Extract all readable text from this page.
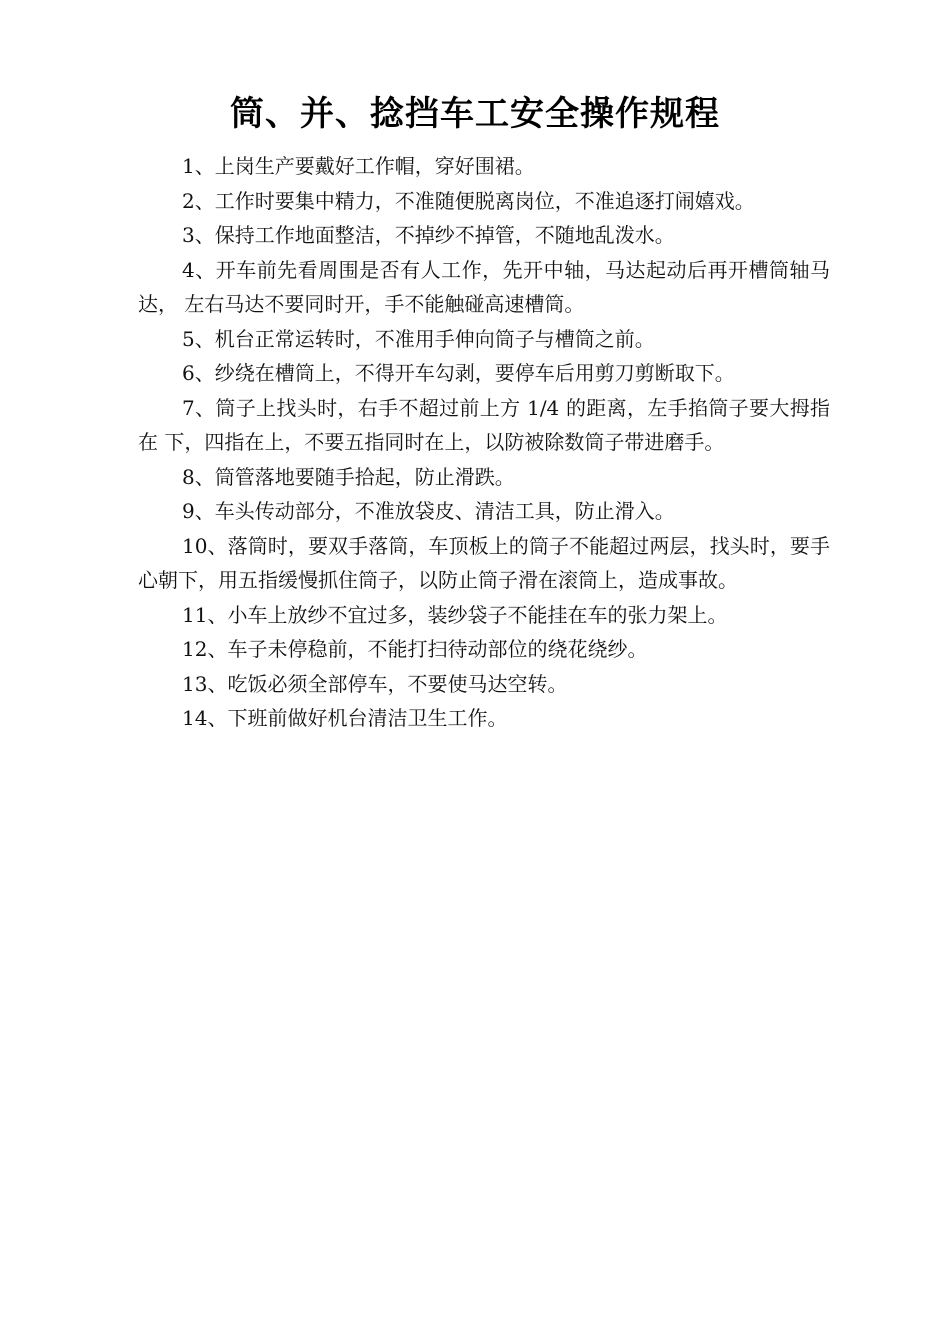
筒、并、捻挡车工安全操作规程

1、上岗生产要戴好工作帽，穿好围裙。

2、工作时要集中精力，不准随便脱离岗位，不准追逐打闹嬉戏。

3、保持工作地面整洁，不掉纱不掉管，不随地乱泼水。

4、开车前先看周围是否有人工作，先开中轴，马达起动后再开槽筒轴马达， 左右马达不要同时开，手不能触碰高速槽筒。

5、机台正常运转时，不准用手伸向筒子与槽筒之前。

6、纱绕在槽筒上，不得开车勾剥，要停车后用剪刀剪断取下。

7、筒子上找头时，右手不超过前上方 1/4 的距离，左手掐筒子要大拇指在 下，四指在上，不要五指同时在上，以防被除数筒子带进磨手。

8、筒管落地要随手拾起，防止滑跌。

9、车头传动部分，不准放袋皮、清洁工具，防止滑入。

10、落筒时，要双手落筒，车顶板上的筒子不能超过两层，找头时，要手心朝下，用五指缓慢抓住筒子，以防止筒子滑在滚筒上，造成事故。

11、小车上放纱不宜过多，装纱袋子不能挂在车的张力架上。

12、车子未停稳前，不能打扫待动部位的绕花绕纱。

13、吃饭必须全部停车，不要使马达空转。

14、下班前做好机台清洁卫生工作。
